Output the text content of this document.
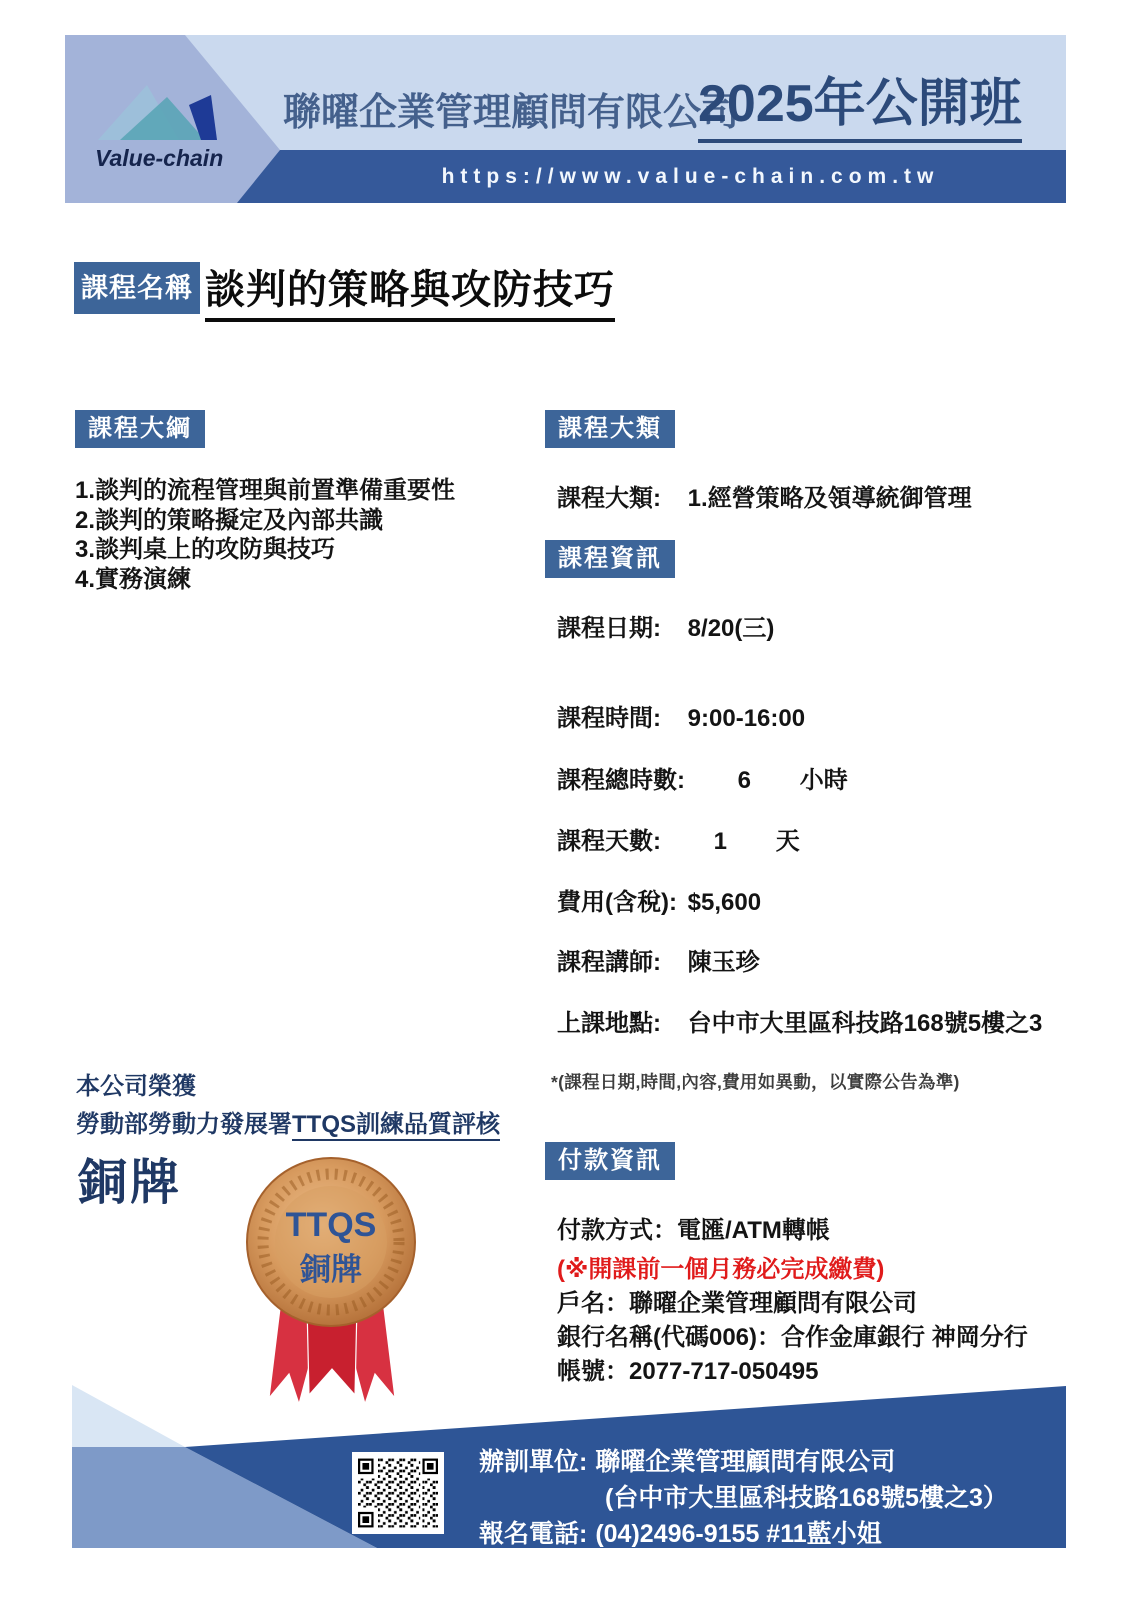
https://www.value-chain.com.tw
Value-chain
聯曜企業管理顧問有限公司
2025年公開班
課程名稱 談判的策略與攻防技巧
課程大綱
1.談判的流程管理與前置準備重要性
2.談判的策略擬定及內部共識
3.談判桌上的攻防與技巧
4.實務演練
本公司榮獲
勞動部勞動力發展署TTQS訓練品質評核
銅牌
TTQS
銅牌
課程大類
課程大類: 1.經營策略及領導統御管理
課程資訊
課程日期: 8/20(三)
課程時間: 9:00-16:00
課程總時數: 6 小時
課程天數: 1 天
費用(含稅): $5,600
課程講師: 陳玉珍
上課地點: 台中市大里區科技路168號5樓之3
*(課程日期,時間,內容,費用如異動，以實際公告為準)
付款資訊
付款方式：電匯/ATM轉帳
(※開課前一個月務必完成繳費)
戶名：聯曜企業管理顧問有限公司
銀行名稱(代碼006)：合作金庫銀行 神岡分行
帳號：2077-717-050495
辦訓單位: 聯曜企業管理顧問有限公司
(台中市大里區科技路168號5樓之3）
報名電話: (04)2496-9155 #11藍小姐
